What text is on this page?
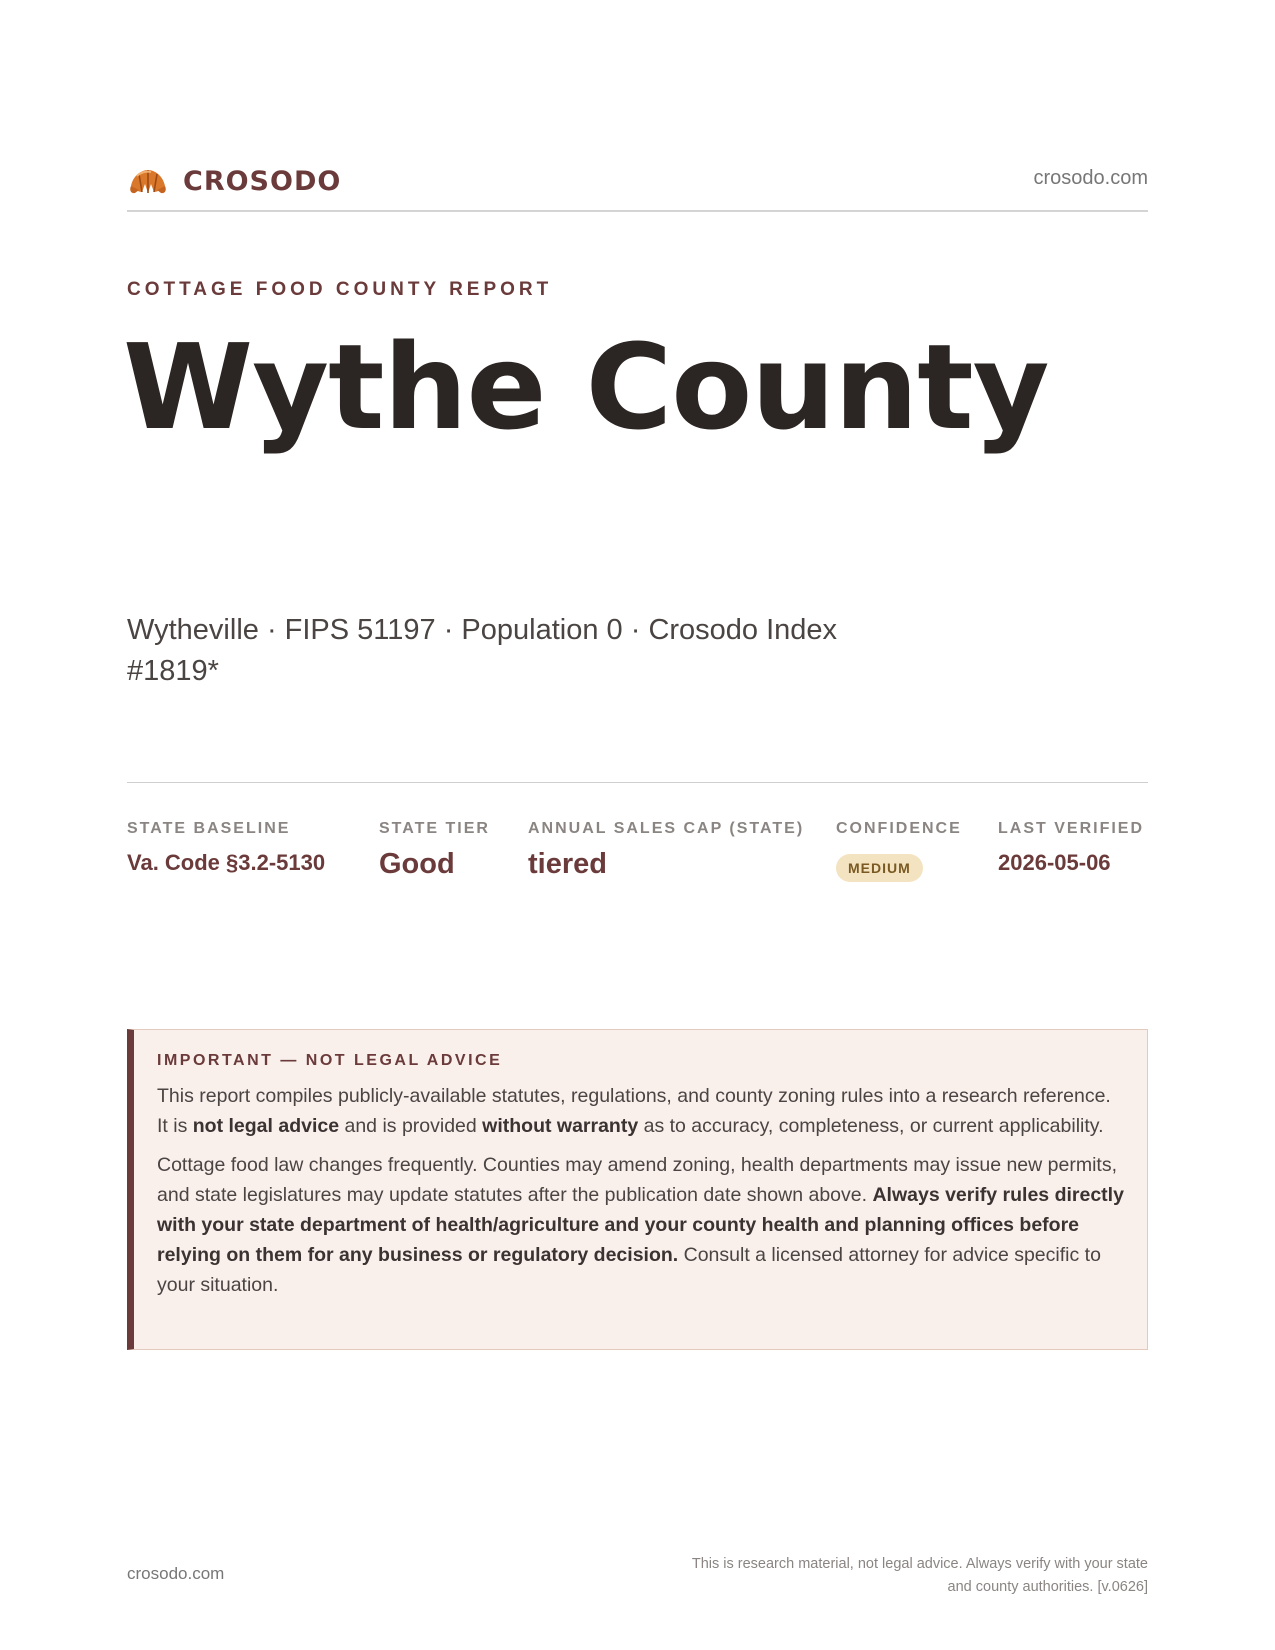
CROSODO	crosodo.com
COTTAGE FOOD COUNTY REPORT
Wythe County
Wytheville · FIPS 51197 · Population 0 · Crosodo Index #1819*
STATE BASELINE
Va. Code §3.2-5130
STATE TIER
Good
ANNUAL SALES CAP (STATE)
tiered
CONFIDENCE
MEDIUM
LAST VERIFIED
2026-05-06
IMPORTANT — NOT LEGAL ADVICE

This report compiles publicly-available statutes, regulations, and county zoning rules into a research reference. It is not legal advice and is provided without warranty as to accuracy, completeness, or current applicability.

Cottage food law changes frequently. Counties may amend zoning, health departments may issue new permits, and state legislatures may update statutes after the publication date shown above. Always verify rules directly with your state department of health/agriculture and your county health and planning offices before relying on them for any business or regulatory decision. Consult a licensed attorney for advice specific to your situation.

crosodo.com	This is research material, not legal advice. Always verify with your state
and county authorities. [v.0626]
